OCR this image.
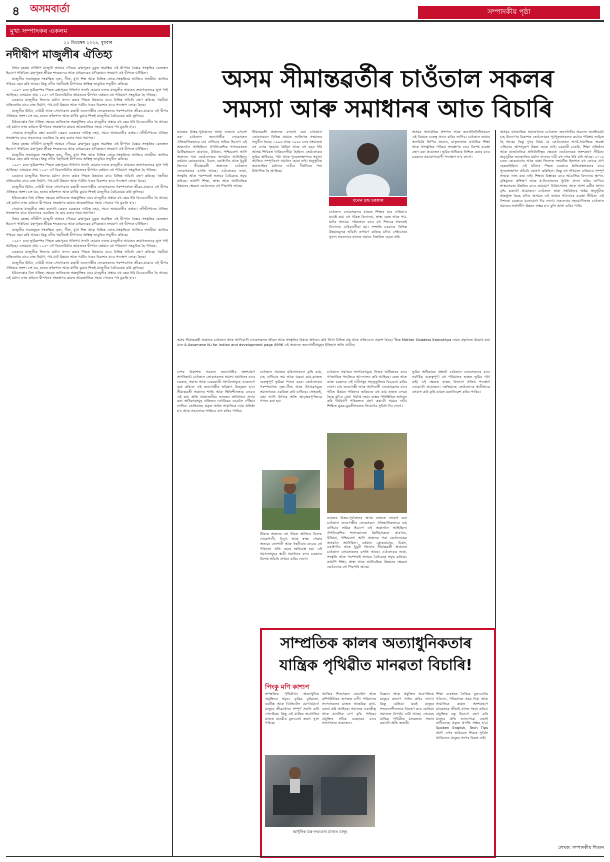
৪ অসমবাৰ্তা	সম্পাদকীয় পৃষ্ঠা
মুখ্য সম্পাদকৰ একলম
১১ ডিচেম্বৰ ২০২৪, বুধবাৰ
নদীদ্বীপ মাজুলীৰ ঐতিহ্য

বিশ্বৰ বৃহত্তম নদীদ্বীপ মাজুলী অসমৰ গৌৰৱ। ব্ৰহ্মপুত্ৰৰ বুকুত অৱস্থিত এই দ্বীপখন বৈষ্ণৱ সংস্কৃতিৰ কেন্দ্ৰস্থল হিচাপে পৰিচিত। মহাপুৰুষ শ্ৰীমন্ত শংকৰদেৱ আৰু মাধৱদেৱৰ মণিকাঞ্চন সংযোগ এই দ্বীপতে ঘটিছিল।

মাজুলীৰ সত্ৰসমূহত সংৰক্ষিত নৃত্য, গীত, মুখা শিল্প আৰু বিভিন্ন লোক-সংস্কৃতিয়ে আজিও অসমীয়া জাতিৰ পৰিচয় বহন কৰি আছে। কিন্তু নদীৰ খহনীয়াই দ্বীপখনৰ অস্তিত্ব ভাবুকিৰ সন্মুখীন কৰিছে।

১৯৫০ চনৰ ভূমিকম্পৰ পিছত ব্ৰহ্মপুত্ৰৰ গতিপথ সলনি হোৱাৰ ফলত মাজুলীৰ আয়তন ক্ৰমাগতভাৱে হ্ৰাস পাই আহিছে। এসময়ত প্ৰায় ১২৫০ বৰ্গ কিলোমিটাৰ আয়তনৰ দ্বীপখন বৰ্তমান বহু পৰিমাণে সংকুচিত হৈ পৰিছে।

চৰকাৰে মাজুলীক জিলাৰ মৰ্যাদা প্ৰদান কৰাৰ পিছত উন্নয়নৰ বাবে বিভিন্ন আঁচনি গ্ৰহণ কৰিছে। খহনীয়া প্ৰতিৰোধৰ বাবে বান্ধ নিৰ্মাণ, পথ-ঘাট উন্নয়ন আৰু পৰ্যটন খণ্ডৰ বিকাশৰ বাবে পদক্ষেপ লোৱা হৈছে।

মাজুলীৰ মিচিং, দেউৰী আৰু সোণোৱাল কছাৰী জনগোষ্ঠীৰ লোকসকলৰ পৰম্পৰাগত জীৱন-যাত্ৰাও এই দ্বীপৰ ঐতিহ্যৰ অংশ। চাং ঘৰ, হাতৰ তাঁতশাল আৰু মাটিৰ কুমাৰ শিল্পই মাজুলীক বৈচিত্ৰ্যময় কৰি তুলিছে।

ইউনেস্কোৰ বিশ্ব ঐতিহ্য ক্ষেত্ৰৰ তালিকাত অন্তৰ্ভুক্তিৰ বাবে মাজুলীৰ প্ৰস্তাৱ বহু বছৰ ধৰি বিবেচনাধীন হৈ আছে। এই মৰ্যাদা লাভ কৰিলে দ্বীপখনৰ সংৰক্ষণৰ কামত আন্তৰ্জাতিক সহায় পোৱাৰ পথ মুকলি হ'ব।

সেয়েহে মাজুলীক ৰক্ষা কৰাটো কেৱল চৰকাৰৰ দায়িত্ব নহয়, সমগ্ৰ অসমবাসীৰ কৰ্তব্য। নদীদ্বীপখনৰ ঐতিহ্য সংৰক্ষণৰ বাবে সকলোৱে একত্ৰিত হৈ কাম কৰাৰ সময় সমাগত।

বিশ্বৰ বৃহত্তম নদীদ্বীপ মাজুলী অসমৰ গৌৰৱ। ব্ৰহ্মপুত্ৰৰ বুকুত অৱস্থিত এই দ্বীপখন বৈষ্ণৱ সংস্কৃতিৰ কেন্দ্ৰস্থল হিচাপে পৰিচিত। মহাপুৰুষ শ্ৰীমন্ত শংকৰদেৱ আৰু মাধৱদেৱৰ মণিকাঞ্চন সংযোগ এই দ্বীপতে ঘটিছিল।

মাজুলীৰ সত্ৰসমূহত সংৰক্ষিত নৃত্য, গীত, মুখা শিল্প আৰু বিভিন্ন লোক-সংস্কৃতিয়ে আজিও অসমীয়া জাতিৰ পৰিচয় বহন কৰি আছে। কিন্তু নদীৰ খহনীয়াই দ্বীপখনৰ অস্তিত্ব ভাবুকিৰ সন্মুখীন কৰিছে।

১৯৫০ চনৰ ভূমিকম্পৰ পিছত ব্ৰহ্মপুত্ৰৰ গতিপথ সলনি হোৱাৰ ফলত মাজুলীৰ আয়তন ক্ৰমাগতভাৱে হ্ৰাস পাই আহিছে। এসময়ত প্ৰায় ১২৫০ বৰ্গ কিলোমিটাৰ আয়তনৰ দ্বীপখন বৰ্তমান বহু পৰিমাণে সংকুচিত হৈ পৰিছে।

চৰকাৰে মাজুলীক জিলাৰ মৰ্যাদা প্ৰদান কৰাৰ পিছত উন্নয়নৰ বাবে বিভিন্ন আঁচনি গ্ৰহণ কৰিছে। খহনীয়া প্ৰতিৰোধৰ বাবে বান্ধ নিৰ্মাণ, পথ-ঘাট উন্নয়ন আৰু পৰ্যটন খণ্ডৰ বিকাশৰ বাবে পদক্ষেপ লোৱা হৈছে।

মাজুলীৰ মিচিং, দেউৰী আৰু সোণোৱাল কছাৰী জনগোষ্ঠীৰ লোকসকলৰ পৰম্পৰাগত জীৱন-যাত্ৰাও এই দ্বীপৰ ঐতিহ্যৰ অংশ। চাং ঘৰ, হাতৰ তাঁতশাল আৰু মাটিৰ কুমাৰ শিল্পই মাজুলীক বৈচিত্ৰ্যময় কৰি তুলিছে।

ইউনেস্কোৰ বিশ্ব ঐতিহ্য ক্ষেত্ৰৰ তালিকাত অন্তৰ্ভুক্তিৰ বাবে মাজুলীৰ প্ৰস্তাৱ বহু বছৰ ধৰি বিবেচনাধীন হৈ আছে। এই মৰ্যাদা লাভ কৰিলে দ্বীপখনৰ সংৰক্ষণৰ কামত আন্তৰ্জাতিক সহায় পোৱাৰ পথ মুকলি হ'ব।

সেয়েহে মাজুলীক ৰক্ষা কৰাটো কেৱল চৰকাৰৰ দায়িত্ব নহয়, সমগ্ৰ অসমবাসীৰ কৰ্তব্য। নদীদ্বীপখনৰ ঐতিহ্য সংৰক্ষণৰ বাবে সকলোৱে একত্ৰিত হৈ কাম কৰাৰ সময় সমাগত।

বিশ্বৰ বৃহত্তম নদীদ্বীপ মাজুলী অসমৰ গৌৰৱ। ব্ৰহ্মপুত্ৰৰ বুকুত অৱস্থিত এই দ্বীপখন বৈষ্ণৱ সংস্কৃতিৰ কেন্দ্ৰস্থল হিচাপে পৰিচিত। মহাপুৰুষ শ্ৰীমন্ত শংকৰদেৱ আৰু মাধৱদেৱৰ মণিকাঞ্চন সংযোগ এই দ্বীপতে ঘটিছিল।

মাজুলীৰ সত্ৰসমূহত সংৰক্ষিত নৃত্য, গীত, মুখা শিল্প আৰু বিভিন্ন লোক-সংস্কৃতিয়ে আজিও অসমীয়া জাতিৰ পৰিচয় বহন কৰি আছে। কিন্তু নদীৰ খহনীয়াই দ্বীপখনৰ অস্তিত্ব ভাবুকিৰ সন্মুখীন কৰিছে।

১৯৫০ চনৰ ভূমিকম্পৰ পিছত ব্ৰহ্মপুত্ৰৰ গতিপথ সলনি হোৱাৰ ফলত মাজুলীৰ আয়তন ক্ৰমাগতভাৱে হ্ৰাস পাই আহিছে। এসময়ত প্ৰায় ১২৫০ বৰ্গ কিলোমিটাৰ আয়তনৰ দ্বীপখন বৰ্তমান বহু পৰিমাণে সংকুচিত হৈ পৰিছে।

চৰকাৰে মাজুলীক জিলাৰ মৰ্যাদা প্ৰদান কৰাৰ পিছত উন্নয়নৰ বাবে বিভিন্ন আঁচনি গ্ৰহণ কৰিছে। খহনীয়া প্ৰতিৰোধৰ বাবে বান্ধ নিৰ্মাণ, পথ-ঘাট উন্নয়ন আৰু পৰ্যটন খণ্ডৰ বিকাশৰ বাবে পদক্ষেপ লোৱা হৈছে।

মাজুলীৰ মিচিং, দেউৰী আৰু সোণোৱাল কছাৰী জনগোষ্ঠীৰ লোকসকলৰ পৰম্পৰাগত জীৱন-যাত্ৰাও এই দ্বীপৰ ঐতিহ্যৰ অংশ। চাং ঘৰ, হাতৰ তাঁতশাল আৰু মাটিৰ কুমাৰ শিল্পই মাজুলীক বৈচিত্ৰ্যময় কৰি তুলিছে।

ইউনেস্কোৰ বিশ্ব ঐতিহ্য ক্ষেত্ৰৰ তালিকাত অন্তৰ্ভুক্তিৰ বাবে মাজুলীৰ প্ৰস্তাৱ বহু বছৰ ধৰি বিবেচনাধীন হৈ আছে। এই মৰ্যাদা লাভ কৰিলে দ্বীপখনৰ সংৰক্ষণৰ কামত আন্তৰ্জাতিক সহায় পোৱাৰ পথ মুকলি হ'ব।

অসম সীমান্তৱৰ্তীৰ চাওঁতাল সকলৰ
সমস্যা আৰু সমাধানৰ আত বিচাৰি
ভাৰতৰ উত্তৰ-পূৰ্বাঞ্চলৰ অসম ৰাজ্যত বসবাস কৰা চাওঁতাল জনগোষ্ঠীৰ লোকসকল ঐতিহাসিকভাৱে চাহ বাগিচাৰ শ্ৰমিক হিচাপে এই অঞ্চললৈ আহিছিল। ঔপনিৱেশিক শাসনকালত ব্ৰিটিছসকলে ঝাৰখণ্ড, উৰিষ্যা, পশ্চিমবংগ আদি অঞ্চলৰ পৰা তেওঁলোকক অসমলৈ আনিছিল। বৰ্তমান কোকৰাঝাৰ, চিৰাং, বঙাইগাঁও আৰু ধুবুৰী জিলাৰ সীমান্তৱৰ্তী অঞ্চলত চাওঁতাল লোকসকলৰ বসতি আছে। এওঁলোকৰ ভাষা, সংস্কৃতি আৰু পৰম্পৰাই অসমৰ বৈচিত্ৰ্যক সমৃদ্ধ কৰিছে। তথাপি শিক্ষা, স্বাস্থ্য আৰু অৰ্থনৈতিক উন্নয়নৰ ক্ষেত্ৰত তেওঁলোক বহু পিছপৰি আছে।
সীমান্তৱৰ্তী অঞ্চলত বসবাস কৰা চাওঁতাল লোকসকলে বিভিন্ন সময়ত জাতিগত সংঘাতৰ সন্মুখীন হৈছে। ১৯৯৬ আৰু ১৯৯৮ চনৰ সংঘাতত বহু লোক গৃহহাৰা হৈছিল আৰু বহু বছৰ ধৰি আশ্ৰয় শিবিৰত থাকিবলগীয়া হৈছিল। তেওঁলোকৰ ভূমিৰ অধিকাৰ, পট্টা আৰু পুনৰসংস্থাপনৰ সমস্যা আজিও সম্পূৰ্ণৰূপে সমাধান হোৱা নাই। অনুসূচীত জনজাতিৰ মৰ্যাদাৰ দাবীও দীৰ্ঘদিনৰ পৰা উত্থাপিত হৈ আহিছে।
বনেন চন্দ্ৰ চৰকাৰ
চাওঁতাল লোকসকলৰ মাজত শিক্ষাৰ হাৰ এতিয়াও যথেষ্ট কম। বহু গাঁৱত বিদ্যালয়, স্বাস্থ্য কেন্দ্ৰ আৰু পথ-ঘাটৰ অভাৱ। দৰিদ্ৰতাৰ বাবে বহু শিশুৱে সৰুতেই বিদ্যালয় এৰিবলগীয়া হয়। সম্প্ৰতি চৰকাৰে বিভিন্ন উন্নয়নমূলক আঁচনি ৰূপায়ণ কৰিছে যদিও সেইবোৰৰ সুফল সকলোৰে মাজত সমানে বিতৰিত হোৱা নাই।
অসমৰ অসামৰিক প্ৰশাসন আৰু জনপ্ৰতিনিধিসকলে এই বিষয়ত গুৰুত্ব প্ৰদান কৰিব লাগিব। চাওঁতাল ভাষাৰ অলচিকি লিপিৰ প্ৰচলন, মাতৃভাষাত প্ৰাথমিক শিক্ষা আৰু সাংস্কৃতিক পৰিচয় সংৰক্ষণৰ বাবে বিশেষ ব্যৱস্থা গ্ৰহণ কৰা প্ৰয়োজন। ভূমিৰ অধিকাৰ নিশ্চিত কৰাৰ বাবে চৰকাৰে সময়োপযোগী পদক্ষেপ ল'ব লাগে।
অসমৰ বহুজাতিক সমাজখনত চাওঁতাল জনগোষ্ঠীৰ অৱদান অনস্বীকাৰ্য। চাহ উদ্যোগৰ বিকাশত তেওঁলোকৰ পূৰ্বপুৰুষসকলৰ কঠোৰ পৰিশ্ৰম জড়িত হৈ আছে। কিন্তু দুখৰ বিষয় যে তেওঁলোকৰ আৰ্থ-সামাজিক অৱস্থা এতিয়াও আশানুৰূপ উন্নত হোৱা নাই। চৰকাৰী চাকৰি, শিক্ষা প্ৰতিষ্ঠান আৰু ৰাজনৈতিক প্ৰতিনিধিত্বৰ ক্ষেত্ৰত তেওঁলোকৰ অংশগ্ৰহণ সীমিত। অনুসূচীত জনজাতিৰ মৰ্যাদা প্ৰদানৰ দাবী বহু দশক ধৰি চলি আছে। ২০১৪ চনত কোকৰাঝাৰ আৰু বাক্সা জিলাত সংঘটিত হিংসাত বহু লোকে প্ৰাণ হেৰুৱাইছিল। এই ঘটনাৰ পিছত চৰকাৰে ক্ষতিগ্ৰস্তসকলৰ বাবে পুনৰসংস্থাপন আঁচনি ঘোষণা কৰিছিল। কিন্তু বহু পৰিয়াল এতিয়াও সম্পূৰ্ণ সাহায্য লাভ কৰা নাই। শিক্ষাৰ বিস্তাৰৰ বাবে আৱাসিক বিদ্যালয় স্থাপন, বৃত্তিমূলক প্ৰশিক্ষণ আৰু স্ব-নিয়োজনৰ সুবিধা প্ৰদান কৰিব লাগিব। স্বাস্থ্যসেৱাৰ উন্নতিৰ বাবে ভ্ৰাম্যমাণ চিকিৎসালয় আৰু আশা কৰ্মীৰ সংখ্যা বৃদ্ধি কৰাটো প্ৰয়োজন। চাওঁতাল ভাষা সংবিধানৰ অষ্টম অনুসূচীত অন্তৰ্ভুক্ত হৈছে যদিও অসমত এই ভাষাৰ পাঠদানৰ ব্যৱস্থা সীমিত। এই দিশতো চৰকাৰে মনোযোগ দিব লাগে। সকলোৰে সহযোগিতাত চাওঁতাল সমাজৰ সৰ্বাংগীণ উন্নয়ন সম্ভৱ হ'ব বুলি আশা কৰিব পাৰি।
অসম সীমান্তৱৰ্তী অঞ্চলৰ চাওঁতাল আৰু আদিবাসী লোকসকলৰ জীৱন আৰু সংস্কৃতিৰ বিষয়ে অধ্যয়ন কৰি লিখা বিভিন্ন গ্ৰন্থ আৰু প্ৰতিবেদন প্ৰকাশ হৈছে। The Mother Goddess Kamakhya নামৰ গ্ৰন্থখনত উল্লেখ কৰা মতে A Assamese Ku for indian and development page 4996 এই অঞ্চলৰ জনগোষ্ঠীসমূহৰ ইতিহাস অতি প্ৰাচীন।
দেশৰ বিকাশত সকলো জনগোষ্ঠীৰ অংশগ্ৰহণ অপৰিহাৰ্য। চাওঁতাল লোকসকলৰ সমস্যা সমাধানৰ বাবে চৰকাৰ, সমাজ আৰু বেচৰকাৰী সংগঠনসমূহে একেলগে কাম কৰিলে এই জনগোষ্ঠীৰ ভৱিষ্যৎ উজ্জ্বল হ'ব। সীমান্তৱৰ্তী অঞ্চলৰ শান্তি আৰু স্থিতিশীলতাৰ বাবেও এই কাম অতি প্ৰয়োজনীয়। ভাৰতৰ সংবিধানে প্ৰদান কৰা অধিকাৰসমূহ প্ৰতিজন নাগৰিকৰ ওচৰলৈ পৌঁছাব লাগিব। তেতিয়াহে প্ৰকৃত অৰ্থত সামাজিক ন্যায় প্ৰতিষ্ঠা হ'ব আৰু সকলোৱে শান্তিৰে বাস কৰিব পাৰিব।
চাওঁতাল সমাজৰ মহিলাসকলে কৃষি কাম, চাহ বাগিচাৰ শ্ৰম আৰু ঘৰুৱা কাম-কাজত গুৰুত্বপূৰ্ণ ভূমিকা পালন কৰে। তেওঁলোকৰ পৰম্পৰাগত নৃত্য-গীত আৰু উৎসৱসমূহে সমাজখনক একত্ৰিত কৰি ৰাখিছে। সোহৰাই, বাহা আদি উৎসৱ অতি আড়ম্বৰপূৰ্ণভাৱে পালন কৰা হয়।
সীমান্ত অঞ্চলৰ বহু গাঁৱত আজিও বিশুদ্ধ খোৱাপানী, বিদ্যুৎ আৰু স্বাস্থ্য সেৱাৰ অভাৱ। বানপানী আৰু খহনীয়াৰ বাবেও বহু পৰিয়াল প্ৰতি বছৰে ক্ষতিগ্ৰস্ত হয়। এই সমস্যাসমূহৰ স্থায়ী সমাধানৰ বাবে চৰকাৰে বিশেষ আঁচনি প্ৰণয়ন কৰিব লাগে।
চাওঁতাল সমাজৰ সংগঠনসমূহে নিজৰ অধিকাৰৰ বাবে গণতান্ত্ৰিক পদ্ধতিৰে আন্দোলন কৰি আহিছে। কেন্দ্ৰ আৰু ৰাজ্য চৰকাৰে এই দাবীসমূহ সহানুভূতিৰে বিবেচনা কৰিব লাগে। চাহ জনগোষ্ঠী আৰু আদিবাসী লোকসকলৰ বাবে গঠিত উন্নয়ন পৰিষদৰ জৰিয়তে বহু কাম হাতত লোৱা হৈছে যদিও সেয়া পৰ্যাপ্ত নহয়। বাস্তৱ পৰিস্থিতিৰ অধ্যয়ন কৰি দীৰ্ঘম্যাদী পৰিকল্পনা গ্ৰহণ কৰাটো সময়ৰ দাবী। শিক্ষিত যুৱক-যুৱতীসকলক নিয়োগৰ সুবিধা দিব লাগে।
ভূমিৰ অধিকাৰৰ প্ৰশ্নটো চাওঁতাল লোকসকলৰ বাবে সৰ্বাধিক গুৰুত্বপূৰ্ণ। বহু পৰিয়ালৰ হাতত ভূমিৰ পট্টা নাই। এই ক্ষেত্ৰত ৰাজহ বিভাগে সক্ৰিয় পদক্ষেপ লোৱাটো প্ৰয়োজন। তেতিয়াহে তেওঁলোকে স্থায়ীভাৱে বসবাস কৰি কৃষি কামত মনোনিৱেশ কৰিব পাৰিব।
ভাৰতৰ উত্তৰ-পূৰ্বাঞ্চলৰ অসম ৰাজ্যত বসবাস কৰা চাওঁতাল জনগোষ্ঠীৰ লোকসকল ঐতিহাসিকভাৱে চাহ বাগিচাৰ শ্ৰমিক হিচাপে এই অঞ্চললৈ আহিছিল। ঔপনিৱেশিক শাসনকালত ব্ৰিটিছসকলে ঝাৰখণ্ড, উৰিষ্যা, পশ্চিমবংগ আদি অঞ্চলৰ পৰা তেওঁলোকক অসমলৈ আনিছিল। বৰ্তমান কোকৰাঝাৰ, চিৰাং, বঙাইগাঁও আৰু ধুবুৰী জিলাৰ সীমান্তৱৰ্তী অঞ্চলত চাওঁতাল লোকসকলৰ বসতি আছে। এওঁলোকৰ ভাষা, সংস্কৃতি আৰু পৰম্পৰাই অসমৰ বৈচিত্ৰ্যক সমৃদ্ধ কৰিছে। তথাপি শিক্ষা, স্বাস্থ্য আৰু অৰ্থনৈতিক উন্নয়নৰ ক্ষেত্ৰত তেওঁলোক বহু পিছপৰি আছে।
সাম্প্ৰতিক কালৰ অত্যাধুনিকতাৰ
যান্ত্ৰিক পৃথিৱীত মানৱতা বিচাৰি!
পিংকু মণি কাশ্যপ
সাম্প্ৰতিক পৃথিৱীখন অত্যাধুনিক প্ৰযুক্তিৰে সমৃদ্ধ। কৃত্ৰিম বুদ্ধিমত্তা, ৰবটিক্স আৰু ডিজিটেল যোগাযোগে মানুহৰ জীৱনধাৰা সম্পূৰ্ণ সলনি কৰি পেলাইছে। কিন্তু এই যান্ত্ৰিক অগ্ৰগতিৰ মাজত মানৱীয় মূল্যবোধ ক্ৰমাৎ হ্ৰাস পাইছে।
আধুনিক যন্ত্ৰ-সভ্যতাৰ মাজত মানুহ
আজিৰ শিশুসকল মোবাইল আৰু কম্পিউটাৰৰ জগতত বন্দী। পৰিয়ালৰ সদস্যসকলৰ মাজত আন্তৰিক কথা-বতৰা কমি আহিছে। সমাজত একাকীত্ব আৰু মানসিক চাপ বৃদ্ধি পাইছে। প্ৰযুক্তিৰ সঠিক ব্যৱহাৰৰ বাবে সজাগতাৰ প্ৰয়োজন।
বিজ্ঞান আৰু প্ৰযুক্তিৰ অগ্ৰগতিয়ে মানুহৰ কল্যাণ সাধন কৰিব লাগে। কিন্তু যেতিয়া যন্ত্ৰই মানুহৰ সংবেদনশীলতাক নিয়ন্ত্ৰণ কৰে তেতিয়া সমাজত বিপৰ্যয় নামি আহে। সেয়েহে যান্ত্ৰিক পৃথিৱীত মানৱতাৰ সন্ধান কৰাটো অতি জৰুৰী।
শিক্ষা ব্যৱস্থাত নৈতিক মূল্যবোধৰ পাঠদান, পৰিয়ালত সময় দিয়া আৰু সামাজিক কামত অংশগ্ৰহণে মানৱতাক জীয়াই ৰখাত সহায় কৰিব। প্ৰযুক্তিক বন্ধু হিচাপে গ্ৰহণ কৰি মানুহৰ প্ৰতি ভালপোৱা বজাই ৰাখিলেহে প্ৰকৃত প্ৰগতি সম্ভৱ হ'ব। Spoken English, Tech Tips আদি এপৰ জৰিয়তে শিকাৰ সুবিধা থাকিলেও মানুহৰ সংগৰ বিকল্প নাই।
লেখক: সম্পাদকীয় শিতান
